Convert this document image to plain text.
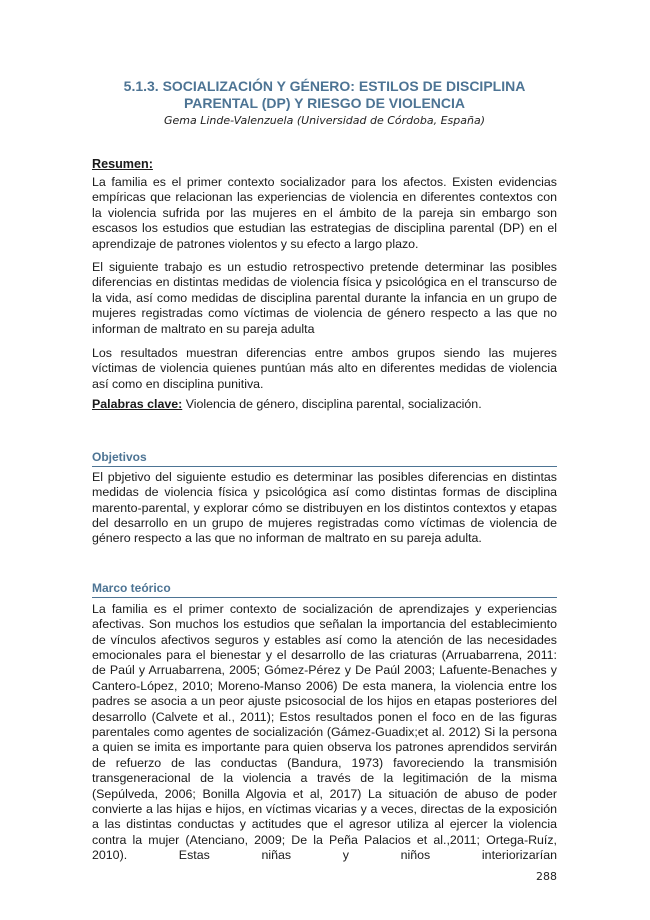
5.1.3. SOCIALIZACIÓN Y GÉNERO: ESTILOS DE DISCIPLINA
PARENTAL (DP) Y RIESGO DE VIOLENCIA
Gema Linde-Valenzuela (Universidad de Córdoba, España)
Resumen:

La familia es el primer contexto socializador para los afectos. Existen evidencias empíricas que relacionan las experiencias de violencia en diferentes contextos con la violencia sufrida por las mujeres en el ámbito de la pareja sin embargo son escasos los estudios que estudian las estrategias de disciplina parental (DP) en el aprendizaje de patrones violentos y su efecto a largo plazo.

El siguiente trabajo es un estudio retrospectivo pretende determinar las posibles diferencias en distintas medidas de violencia física y psicológica en el transcurso de la vida, así como medidas de disciplina parental durante la infancia en un grupo de mujeres registradas como víctimas de violencia de género respecto a las que no informan de maltrato en su pareja adulta

Los resultados muestran diferencias entre ambos grupos siendo las mujeres víctimas de violencia quienes puntúan más alto en diferentes medidas de violencia así como en disciplina punitiva.

Palabras clave: Violencia de género, disciplina parental, socialización.

Objetivos

El pbjetivo del siguiente estudio es determinar las posibles diferencias en distintas medidas de violencia física y psicológica así como distintas formas de disciplina marento-parental, y explorar cómo se distribuyen en los distintos contextos y etapas del desarrollo en un grupo de mujeres registradas como víctimas de violencia de género respecto a las que no informan de maltrato en su pareja adulta.

Marco teórico

La familia es el primer contexto de socialización de aprendizajes y experiencias afectivas. Son muchos los estudios que señalan la importancia del establecimiento de vínculos afectivos seguros y estables así como la atención de las necesidades emocionales para el bienestar y el desarrollo de las criaturas (Arruabarrena, 2011: de Paúl y Arruabarrena, 2005; Gómez-Pérez y De Paúl 2003; Lafuente-Benaches y Cantero-López, 2010; Moreno-Manso 2006) De esta manera, la violencia entre los padres se asocia a un peor ajuste psicosocial de los hijos en etapas posteriores del desarrollo (Calvete et al., 2011); Estos resultados ponen el foco en de las figuras parentales como agentes de socialización (Gámez-Guadix;et al. 2012) Si la persona a quien se imita es importante para quien observa los patrones aprendidos servirán de refuerzo de las conductas (Bandura, 1973) favoreciendo la transmisión transgeneracional de la violencia a través de la legitimación de la misma (Sepúlveda, 2006; Bonilla Algovia et al, 2017) La situación de abuso de poder convierte a las hijas e hijos, en víctimas vicarias y a veces, directas de la exposición a las distintas conductas y actitudes que el agresor utiliza al ejercer la violencia contra la mujer (Atenciano, 2009; De la Peña Palacios et al.,2011; Ortega-Ruíz, 2010). Estas niñas y niños interiorizarían

288
